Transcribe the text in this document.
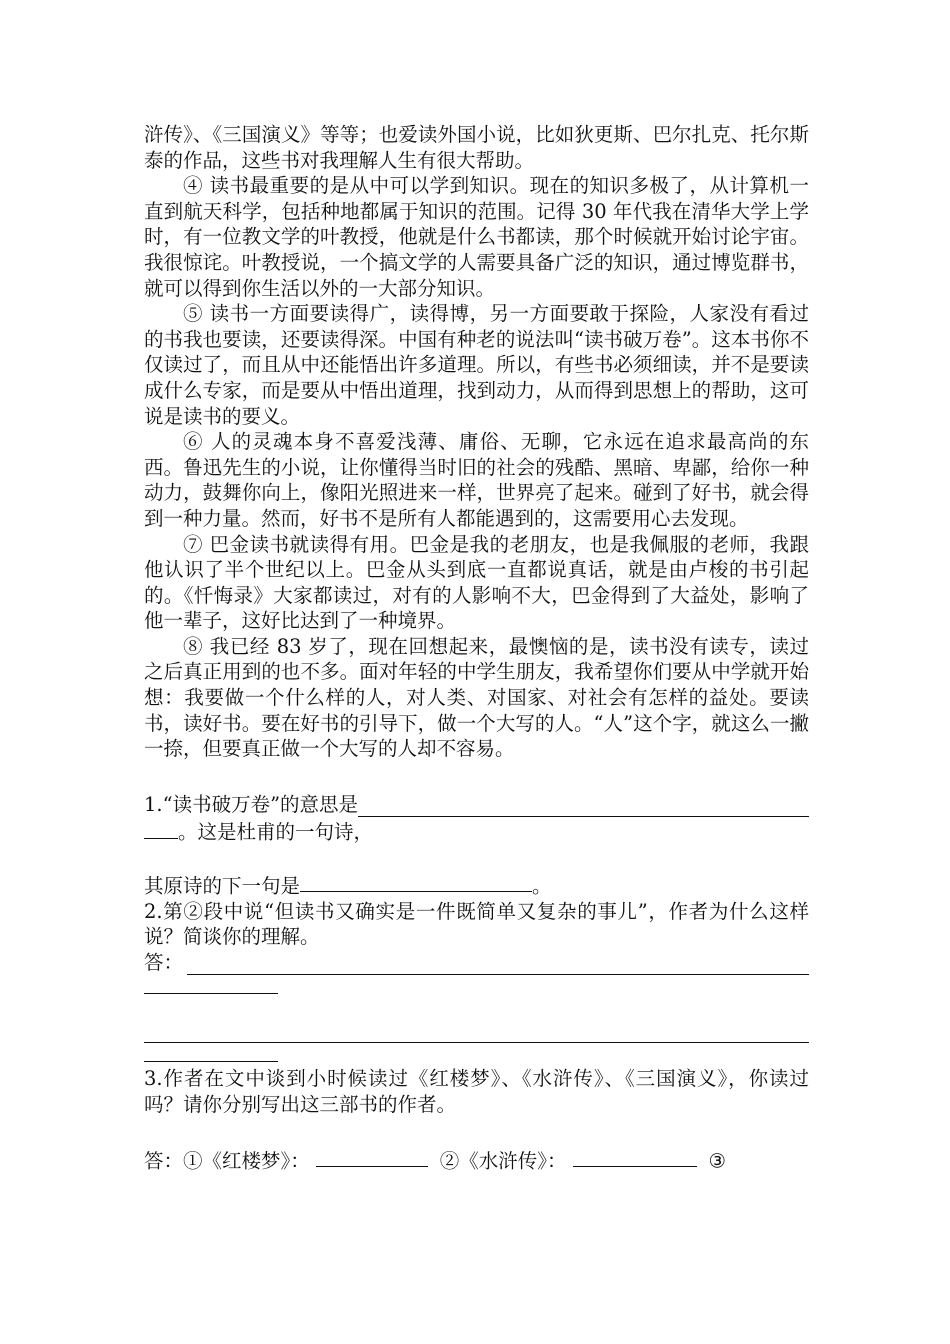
浒传》、《三国演义》等等；也爱读外国小说，比如狄更斯、巴尔扎克、托尔斯泰的作品，这些书对我理解人生有很大帮助。

④ 读书最重要的是从中可以学到知识。现在的知识多极了，从计算机一直到航天科学，包括种地都属于知识的范围。记得 30 年代我在清华大学上学时，有一位教文学的叶教授，他就是什么书都读，那个时候就开始讨论宇宙。我很惊诧。叶教授说，一个搞文学的人需要具备广泛的知识，通过博览群书，就可以得到你生活以外的一大部分知识。

⑤ 读书一方面要读得广，读得博，另一方面要敢于探险，人家没有看过的书我也要读，还要读得深。中国有种老的说法叫“读书破万卷”。这本书你不仅读过了，而且从中还能悟出许多道理。所以，有些书必须细读，并不是要读成什么专家，而是要从中悟出道理，找到动力，从而得到思想上的帮助，这可说是读书的要义。

⑥ 人的灵魂本身不喜爱浅薄、庸俗、无聊，它永远在追求最高尚的东西。鲁迅先生的小说，让你懂得当时旧的社会的残酷、黑暗、卑鄙，给你一种动力，鼓舞你向上，像阳光照进来一样，世界亮了起来。碰到了好书，就会得到一种力量。然而，好书不是所有人都能遇到的，这需要用心去发现。

⑦ 巴金读书就读得有用。巴金是我的老朋友，也是我佩服的老师，我跟他认识了半个世纪以上。巴金从头到底一直都说真话，就是由卢梭的书引起的。《忏悔录》大家都读过，对有的人影响不大，巴金得到了大益处，影响了他一辈子，这好比达到了一种境界。

⑧ 我已经 83 岁了，现在回想起来，最懊恼的是，读书没有读专，读过之后真正用到的也不多。面对年轻的中学生朋友，我希望你们要从中学就开始想：我要做一个什么样的人，对人类、对国家、对社会有怎样的益处。要读书，读好书。要在好书的引导下，做一个大写的人。“人”这个字，就这么一撇一捺，但要真正做一个大写的人却不容易。

1.“读书破万卷”的意思是
。这是杜甫的一句诗，
其原诗的下一句是	。

2.第②段中说“但读书又确实是一件既简单又复杂的事儿”，作者为什么这样说？简谈你的理解。

答：

3.作者在文中谈到小时候读过《红楼梦》、《水浒传》、《三国演义》，你读过吗？请你分别写出这三部书的作者。

答：①《红楼梦》：	②《水浒传》：	③
